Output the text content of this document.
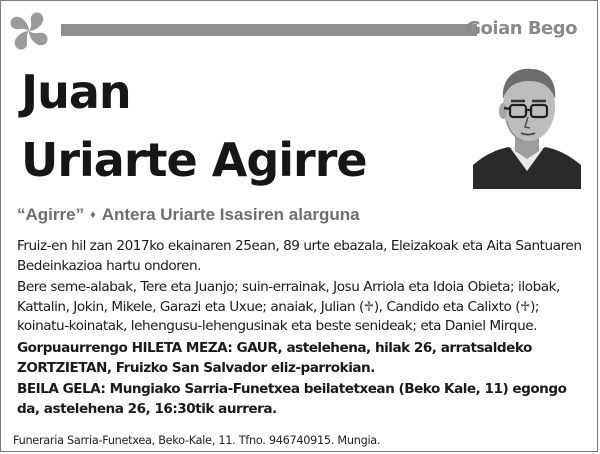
Goian Bego
Juan
Uriarte Agirre
“Agirre” ♦ Antera Uriarte Isasiren alarguna

Fruiz-en hil zan 2017ko ekainaren 25ean, 89 urte ebazala, Eleizakoak eta Aita Santuaren Bedeinkazioa hartu ondoren.

Bere seme-alabak, Tere eta Juanjo; suin-errainak, Josu Arriola eta Idoia Obieta; ilobak, Kattalin, Jokin, Mikele, Garazi eta Uxue; anaiak, Julian (♱), Candido eta Calixto (♱); koinatu-koinatak, lehengusu-lehengusinak eta beste senideak; eta Daniel Mirque.

Gorpuaurrengo HILETA MEZA: GAUR, astelehena, hilak 26, arratsaldeko ZORTZIETAN, Fruizko San Salvador eliz-parrokian.

BEILA GELA: Mungiako Sarria-Funetxea beilatetxean (Beko Kale, 11) egongo da, astelehena 26, 16:30tik aurrera.

Funeraria Sarria-Funetxea, Beko-Kale, 11. Tfno. 946740915. Mungia.
